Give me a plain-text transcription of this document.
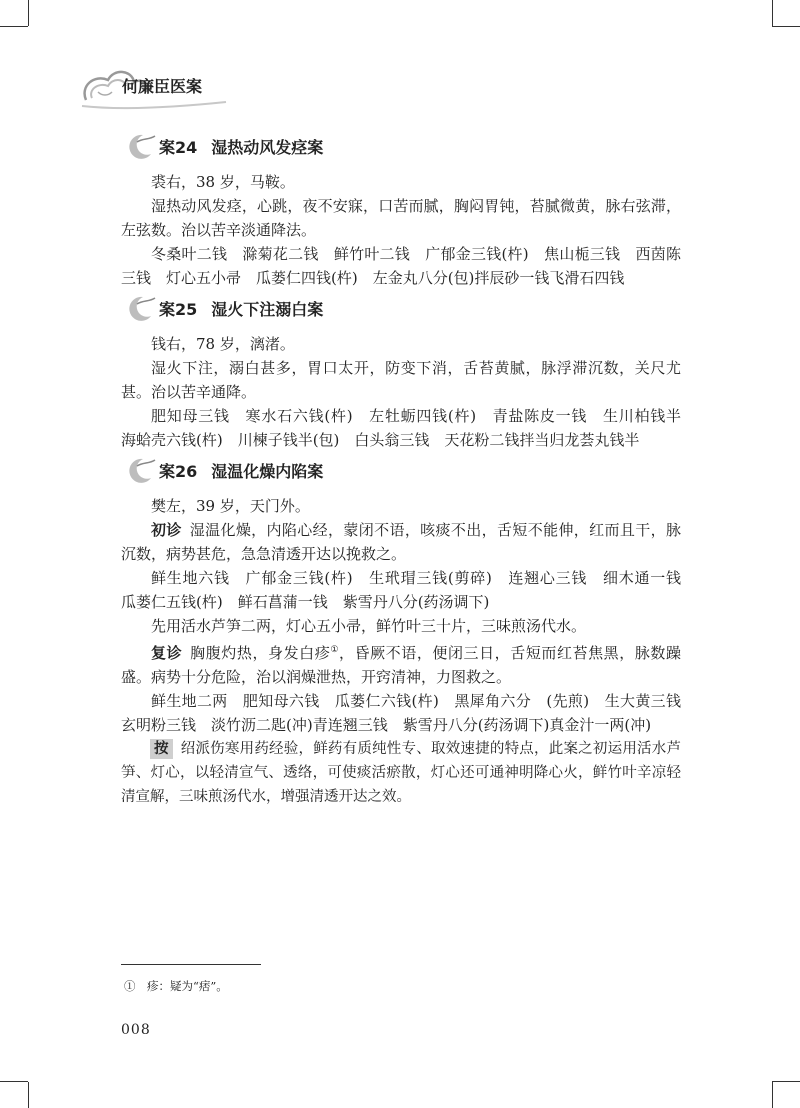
何廉臣医案
案24 湿热动风发痉案

裘右，38 岁，马鞍。

湿热动风发痉，心跳，夜不安寐，口苦而腻，胸闷胃钝，苔腻微黄，脉右弦滞，左弦数。治以苦辛淡通降法。

冬桑叶二钱　滁菊花二钱　鲜竹叶二钱　广郁金三钱(杵)　焦山栀三钱　西茵陈三钱　灯心五小帚　瓜蒌仁四钱(杵)　左金丸八分(包)拌辰砂一钱飞滑石四钱

案25 湿火下注溺白案

钱右，78 岁，漓渚。

湿火下注，溺白甚多，胃口太开，防变下消，舌苔黄腻，脉浮滞沉数，关尺尤甚。治以苦辛通降。

肥知母三钱　寒水石六钱(杵)　左牡蛎四钱(杵)　青盐陈皮一钱　生川柏钱半　海蛤壳六钱(杵)　川楝子钱半(包)　白头翁三钱　天花粉二钱拌当归龙荟丸钱半

案26 湿温化燥内陷案

樊左，39 岁，天门外。

初诊 湿温化燥，内陷心经，蒙闭不语，咳痰不出，舌短不能伸，红而且干，脉沉数，病势甚危，急急清透开达以挽救之。

鲜生地六钱　广郁金三钱(杵)　生玳瑁三钱(剪碎)　连翘心三钱　细木通一钱　瓜蒌仁五钱(杵)　鲜石菖蒲一钱　紫雪丹八分(药汤调下)

先用活水芦笋二两，灯心五小帚，鲜竹叶三十片，三味煎汤代水。

复诊 胸腹灼热，身发白疹①，昏厥不语，便闭三日，舌短而红苔焦黑，脉数躁盛。病势十分危险，治以润燥泄热，开窍清神，力图救之。

鲜生地二两　肥知母六钱　瓜蒌仁六钱(杵)　黑犀角六分　(先煎)　生大黄三钱　玄明粉三钱　淡竹沥二匙(冲)青连翘三钱　紫雪丹八分(药汤调下)真金汁一两(冲)

按 绍派伤寒用药经验，鲜药有质纯性专、取效速捷的特点，此案之初运用活水芦笋、灯心，以轻清宣气、透络，可使痰活瘀散，灯心还可通神明降心火，鲜竹叶辛凉轻清宣解，三味煎汤代水，增强清透开达之效。

①　疹：疑为“痞”。
008
